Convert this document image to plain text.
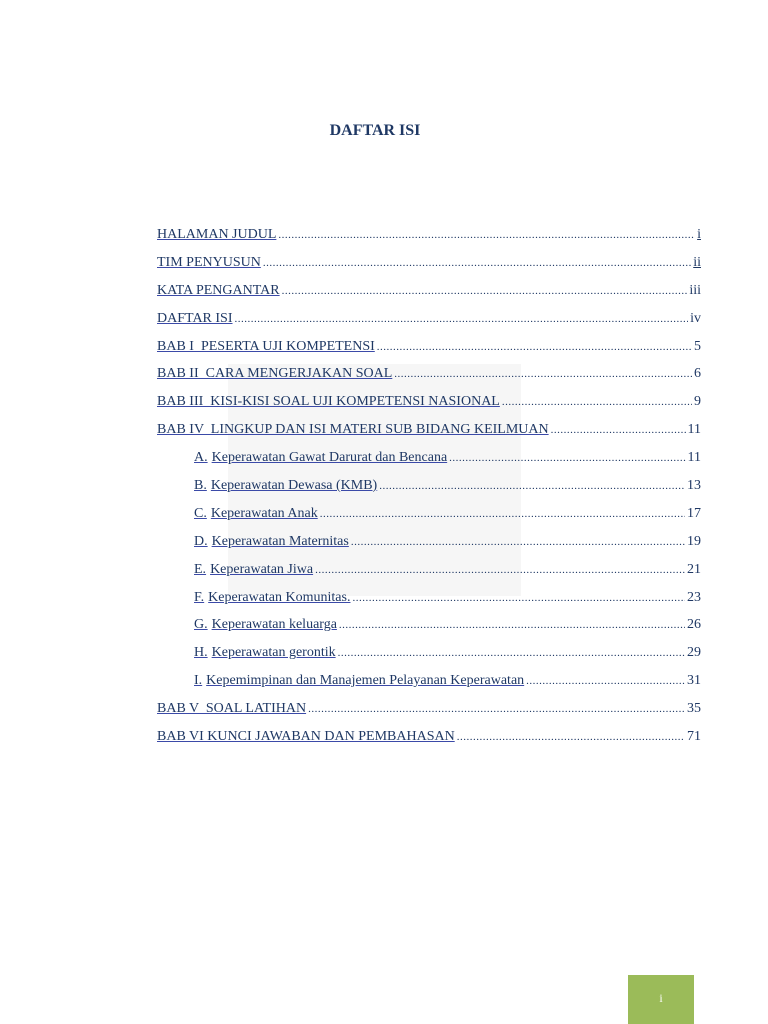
DAFTAR ISI
HALAMAN JUDUL .....	i
TIM PENYUSUN .....	ii
KATA PENGANTAR .....	iii
DAFTAR ISI .....	iv
BAB I  PESERTA UJI KOMPETENSI .....	5
BAB II  CARA MENGERJAKAN SOAL .....	6
BAB III  KISI-KISI SOAL UJI KOMPETENSI NASIONAL .....	9
BAB IV  LINGKUP DAN ISI MATERI SUB BIDANG KEILMUAN .....	11
A. Keperawatan Gawat Darurat dan Bencana .....	11
B. Keperawatan Dewasa (KMB) .....	13
C. Keperawatan Anak .....	17
D. Keperawatan Maternitas .....	19
E. Keperawatan Jiwa .....	21
F. Keperawatan Komunitas. .....	23
G. Keperawatan keluarga .....	26
H. Keperawatan gerontik .....	29
I. Kepemimpinan dan Manajemen Pelayanan Keperawatan .....	31
BAB V  SOAL LATIHAN .....	35
BAB VI KUNCI JAWABAN DAN PEMBAHASAN .....	71
i
